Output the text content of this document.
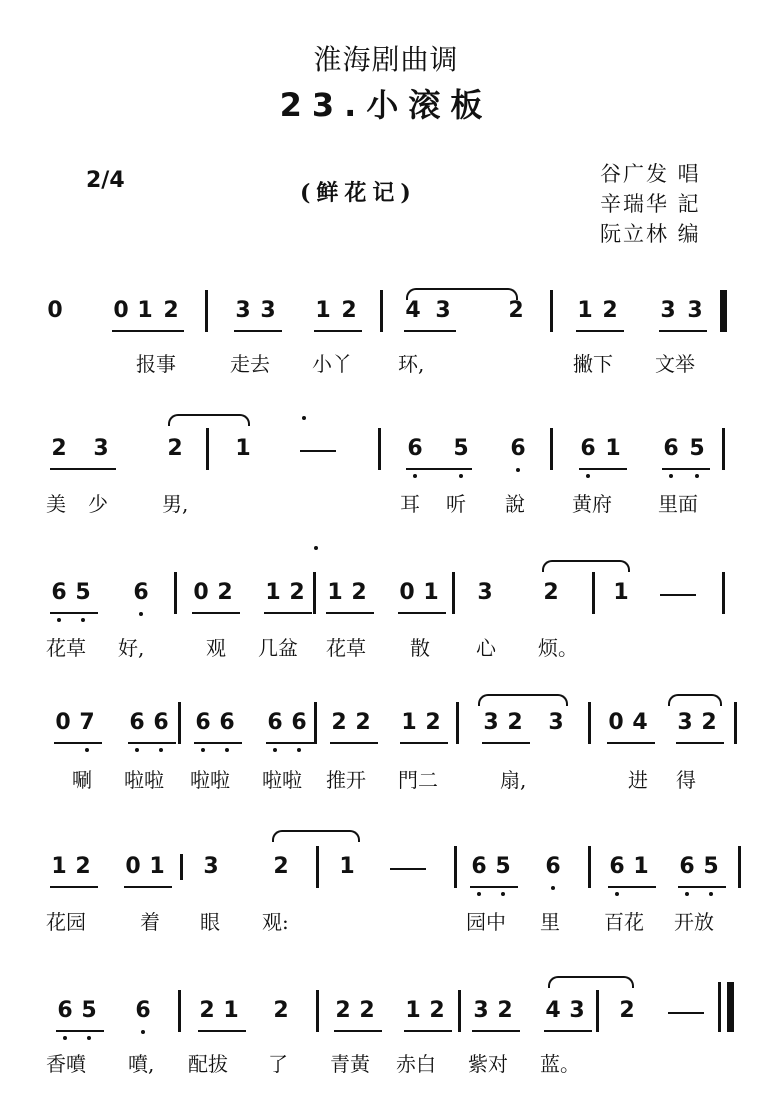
淮海剧曲调
23.小滚板
2/4	(鲜花记)
谷广发 唱
辛瑞华 記
阮立林 编
0 0 1 2	3 3 1 2 4 3	2 1 2 3 3
报事	走去 小丫 环,	撇下 文举
2 3	2 1	6 5 6 6 1 6 5
美 少	男,	耳 听 說 黄府 里面
6 5 6 0 2 1 2 1 2 0 1 3 2 1
花草 好,	观 几盆 花草 散 心 烦。
0 7 6 6 6 6 6 6 2 2 1 2 3 2 3 0 4 3 2
唰 啦啦 啦啦 啦啦 推开 門二	扇,	进 得
1 2 0 1 3 2 1	6 5 6 6 1 6 5
花园	着 眼 观:	园中 里 百花 开放
6 5 6 2 1 2 2 2 1 2 3 2 4 3 2
香噴 噴, 配拔 了 青黃 赤白 紫对 蓝。
